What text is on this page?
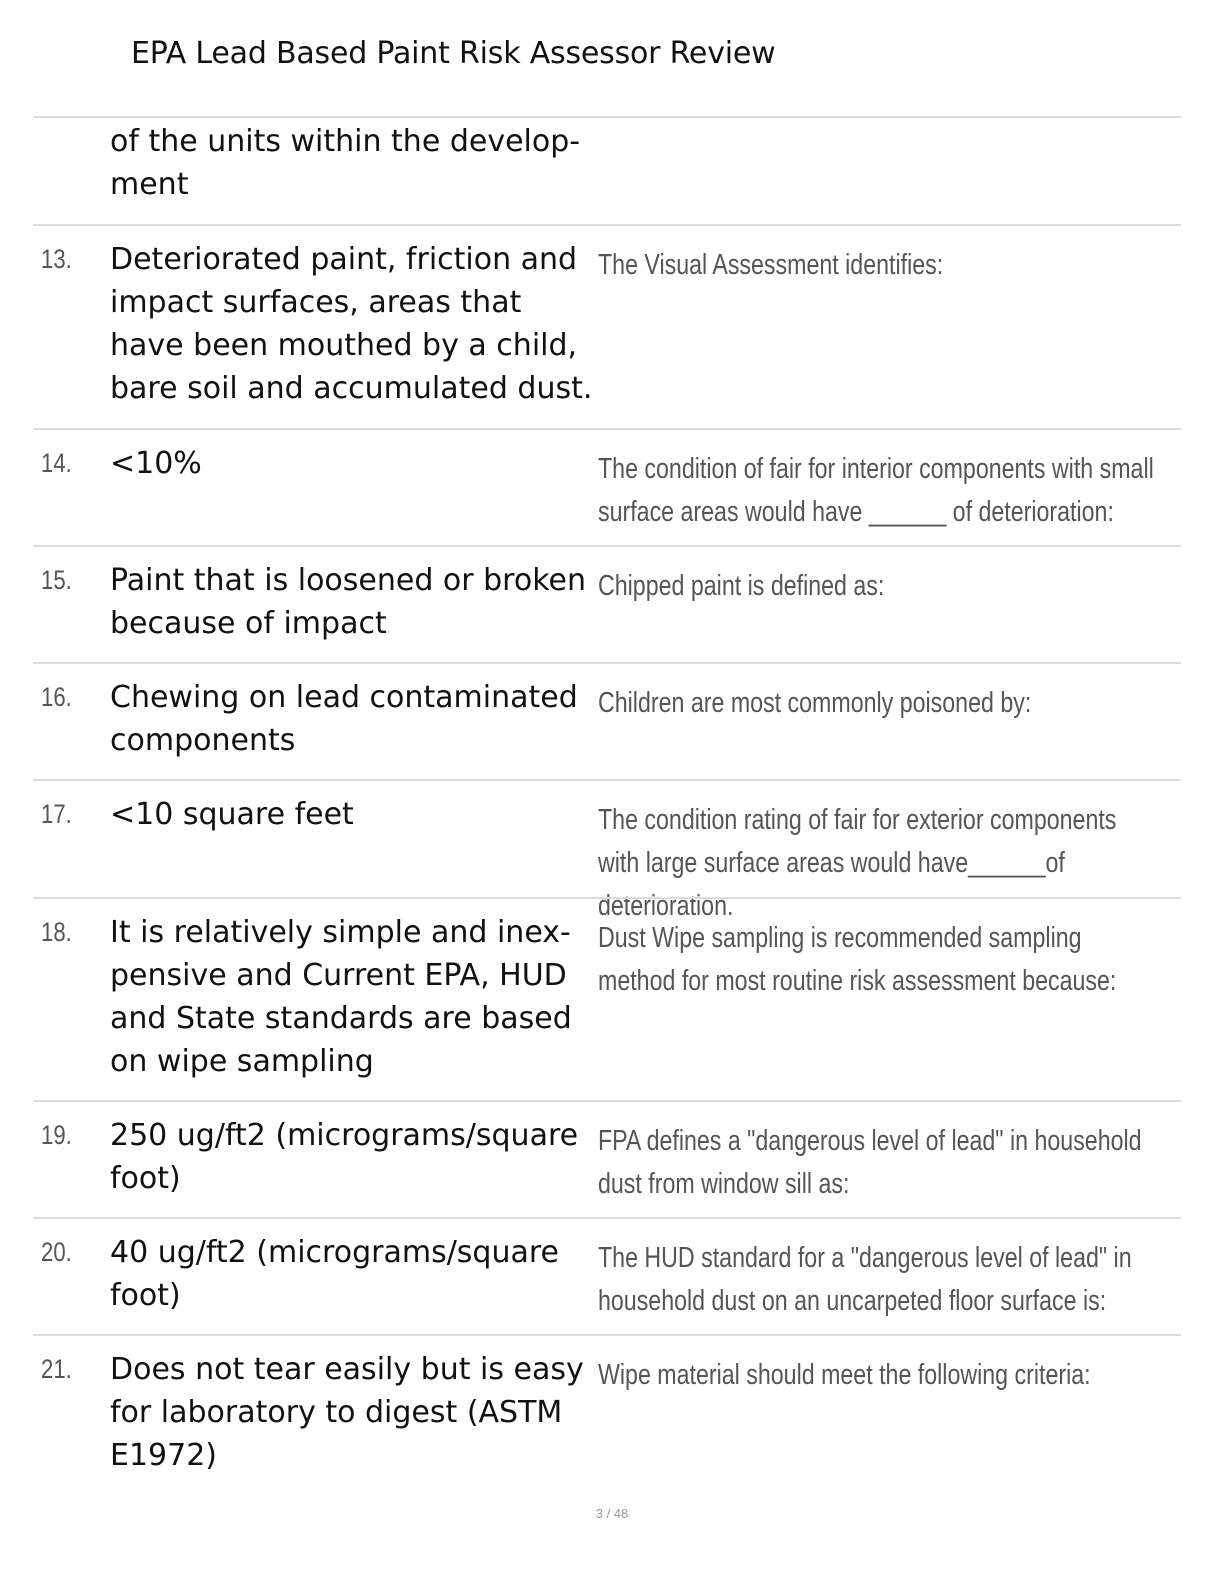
EPA Lead Based Paint Risk Assessor Review
of the units within the develop-
ment
13. Deteriorated paint, friction and impact surfaces, areas that have been mouthed by a child, bare soil and accumulated dust.
The Visual Assessment identifies:
14. <10%	The condition of fair for interior components with small surface areas would have ______ of deterioration:
15. Paint that is loosened or broken because of impact
Chipped paint is defined as:
16. Chewing on lead contaminated components
Children are most commonly poisoned by:
17. <10 square feet	The condition rating of fair for exterior components with large surface areas would have______of deterioration.
18. It is relatively simple and inex-pensive and Current EPA, HUD and State standards are based on wipe sampling
Dust Wipe sampling is recommended sampling method for most routine risk assessment because:
19. 250 ug/ft2 (micrograms/square foot)
FPA defines a "dangerous level of lead" in household dust from window sill as:
20. 40 ug/ft2 (micrograms/square foot)
The HUD standard for a "dangerous level of lead" in household dust on an uncarpeted floor surface is:
21. Does not tear easily but is easy for laboratory to digest (ASTM E1972)
Wipe material should meet the following criteria:
3 / 48
